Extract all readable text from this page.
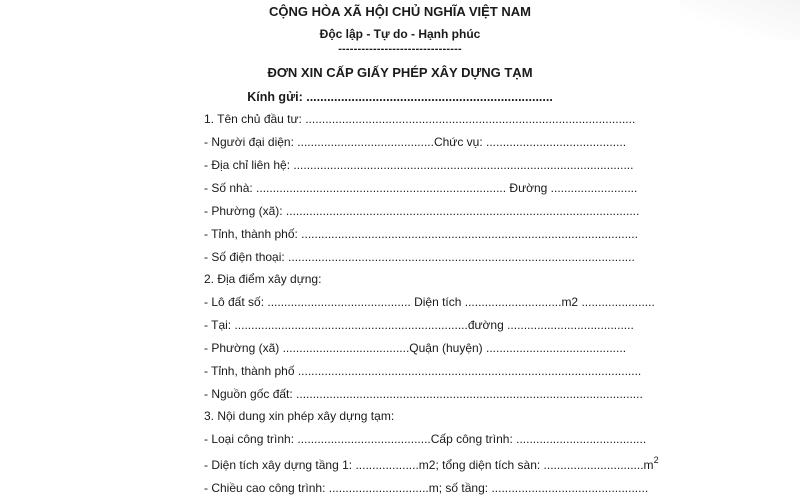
CỘNG HÒA XÃ HỘI CHỦ NGHĨA VIỆT NAM
Độc lập - Tự do - Hạnh phúc
--------------------------------
ĐƠN XIN CẤP GIẤY PHÉP XÂY DỰNG TẠM
Kính gửi: .......................................................................
1. Tên chủ đầu tư: ...................................................................................................
- Người đại diện: .........................................Chức vụ: ..........................................
- Địa chỉ liên hệ: ......................................................................................................
- Số nhà: ........................................................................... Đường ..........................
- Phường (xã): ..........................................................................................................
- Tỉnh, thành phố: .....................................................................................................
- Số điện thoại: ........................................................................................................
2. Địa điểm xây dựng:
- Lô đất số: ........................................... Diện tích .............................m2 ......................
- Tại: ......................................................................đường ......................................
- Phường (xã) ......................................Quận (huyện) ..........................................
- Tỉnh, thành phố .......................................................................................................
- Nguồn gốc đất: ........................................................................................................
3. Nội dung xin phép xây dựng tạm:
- Loại công trình: ........................................Cấp công trình: .......................................
- Diện tích xây dựng tầng 1: ...................m2; tổng diện tích sàn: $..............................m^2$
- Chiều cao công trình: ..............................m; số tầng: ...............................................
